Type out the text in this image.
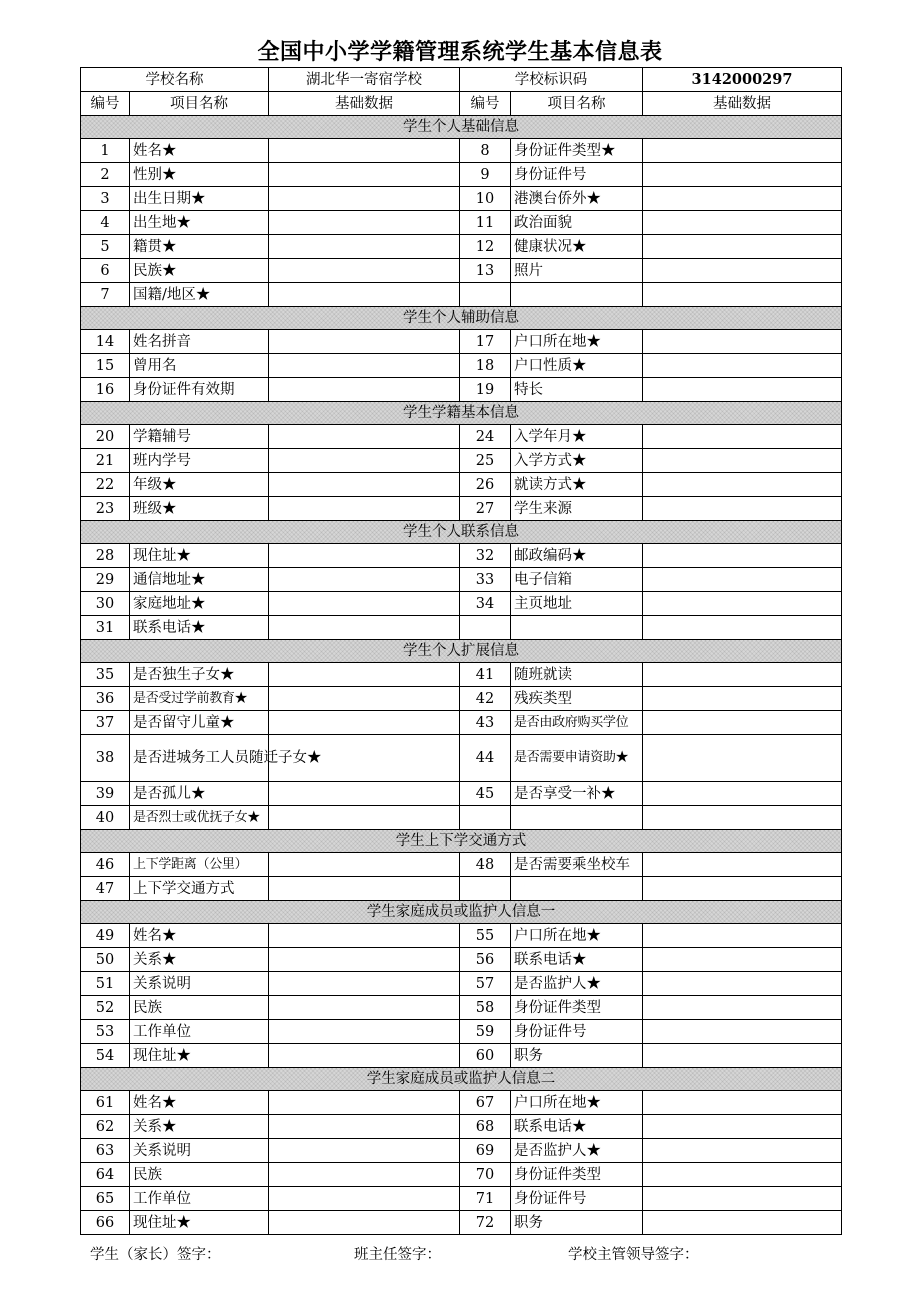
全国中小学学籍管理系统学生基本信息表
学校名称		湖北华一寄宿学校	学校标识码		3142000297
编号	项目名称	基础数据	编号	项目名称	基础数据
学生个人基础信息					
1	姓名★		8	身份证件类型★	
2	性别★		9	身份证件号	
3	出生日期★		10	港澳台侨外★	
4	出生地★		11	政治面貌	
5	籍贯★		12	健康状况★	
6	民族★		13	照片	
7	国籍/地区★				
学生个人辅助信息					
14	姓名拼音		17	户口所在地★	
15	曾用名		18	户口性质★	
16	身份证件有效期		19	特长	
学生学籍基本信息					
20	学籍辅号		24	入学年月★	
21	班内学号		25	入学方式★	
22	年级★		26	就读方式★	
23	班级★		27	学生来源	
学生个人联系信息					
28	现住址★		32	邮政编码★	
29	通信地址★		33	电子信箱	
30	家庭地址★		34	主页地址	
31	联系电话★				
学生个人扩展信息					
35	是否独生子女★		41	随班就读	
36	是否受过学前教育★		42	残疾类型	
37	是否留守儿童★		43	是否由政府购买学位	
38	是否进城务工人员随迁子女★		44	是否需要申请资助★	
39	是否孤儿★		45	是否享受一补★	
40	是否烈士或优抚子女★				
学生上下学交通方式					
46	上下学距离（公里）		48	是否需要乘坐校车	
47	上下学交通方式				
学生家庭成员或监护人信息一					
49	姓名★		55	户口所在地★	
50	关系★		56	联系电话★	
51	关系说明		57	是否监护人★	
52	民族		58	身份证件类型	
53	工作单位		59	身份证件号	
54	现住址★		60	职务	
学生家庭成员或监护人信息二					
61	姓名★		67	户口所在地★	
62	关系★		68	联系电话★	
63	关系说明		69	是否监护人★	
64	民族		70	身份证件类型	
65	工作单位		71	身份证件号	
66	现住址★		72	职务	
学生（家长）签字：	班主任签字：	学校主管领导签字：
